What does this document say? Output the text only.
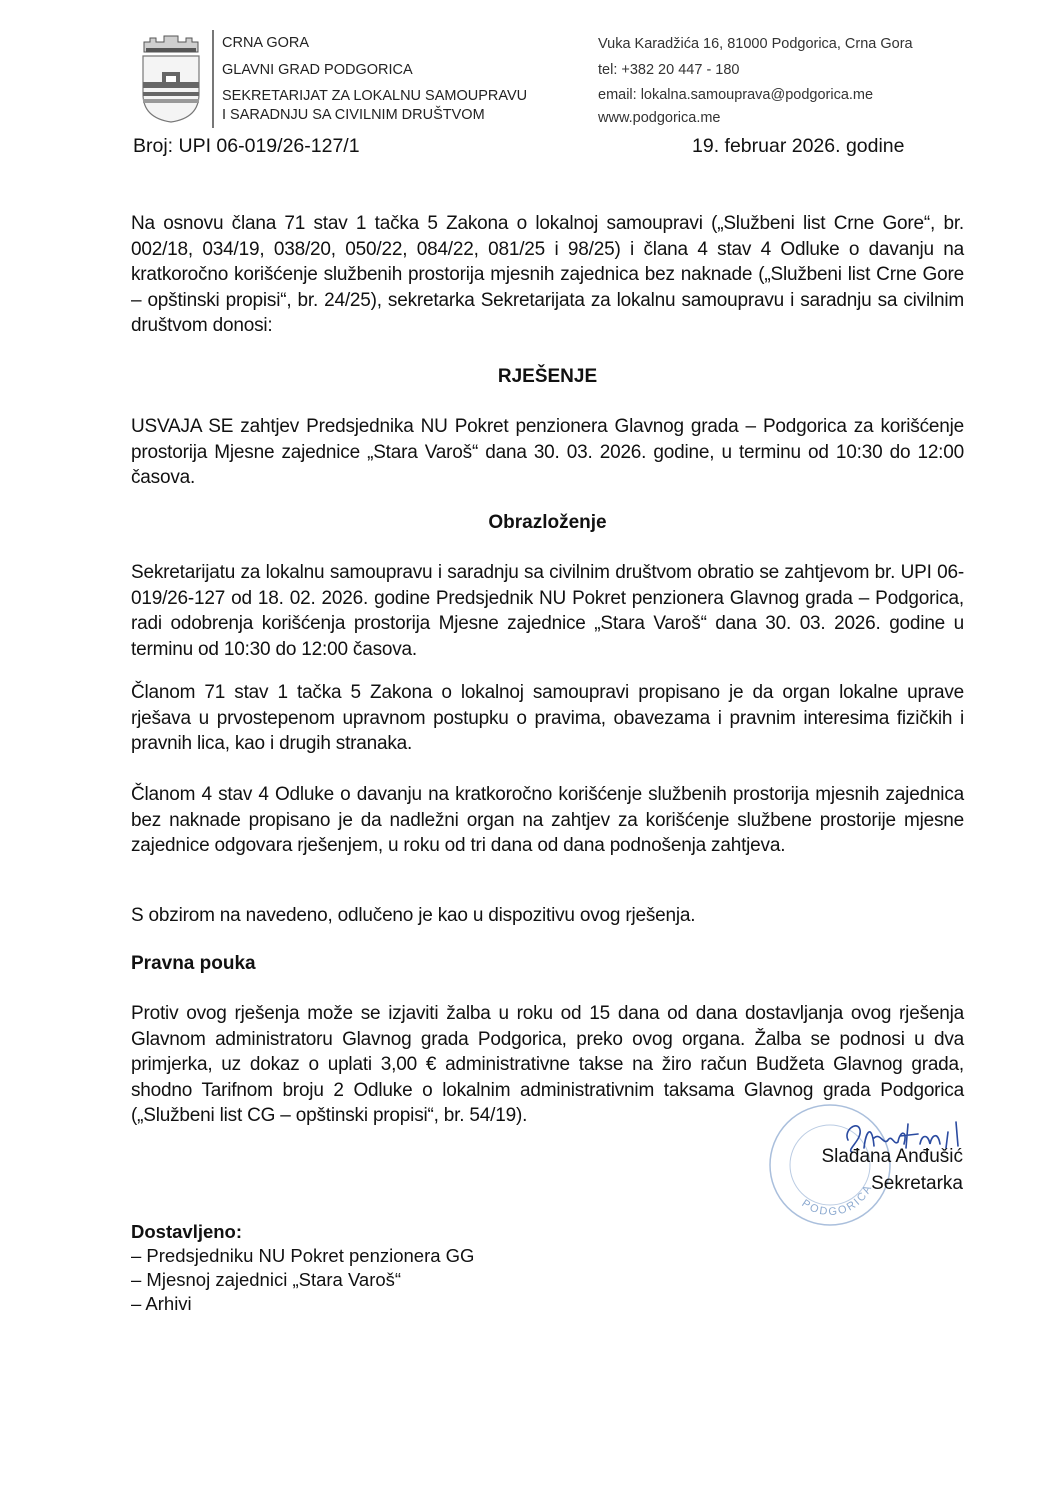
CRNA GORA
GLAVNI GRAD PODGORICA
SEKRETARIJAT ZA LOKALNU SAMOUPRAVU
I SARADNJU SA CIVILNIM DRUŠTVOM
Vuka Karadžića 16, 81000 Podgorica, Crna Gora
tel: +382 20 447 - 180
email: lokalna.samouprava@podgorica.me
www.podgorica.me
Broj: UPI 06-019/26-127/1	19. februar 2026. godine
Na osnovu člana 71 stav 1 tačka 5 Zakona o lokalnoj samoupravi („Službeni list Crne Gore“, br. 002/18, 034/19, 038/20, 050/22, 084/22, 081/25 i 98/25) i člana 4 stav 4 Odluke o davanju na kratkoročno korišćenje službenih prostorija mjesnih zajednica bez naknade („Službeni list Crne Gore – opštinski propisi“, br. 24/25), sekretarka Sekretarijata za lokalnu samoupravu i saradnju sa civilnim društvom donosi:
RJEŠENJE
USVAJA SE zahtjev Predsjednika NU Pokret penzionera Glavnog grada – Podgorica za korišćenje prostorija Mjesne zajednice „Stara Varoš“ dana 30. 03. 2026. godine, u terminu od 10:30 do 12:00 časova.
Obrazloženje
Sekretarijatu za lokalnu samoupravu i saradnju sa civilnim društvom obratio se zahtjevom br. UPI 06-019/26-127 od 18. 02. 2026. godine Predsjednik NU Pokret penzionera Glavnog grada – Podgorica, radi odobrenja korišćenja prostorija Mjesne zajednice „Stara Varoš“ dana 30. 03. 2026. godine u terminu od 10:30 do 12:00 časova.
Članom 71 stav 1 tačka 5 Zakona o lokalnoj samoupravi propisano je da organ lokalne uprave rješava u prvostepenom upravnom postupku o pravima, obavezama i pravnim interesima fizičkih i pravnih lica, kao i drugih stranaka.
Članom 4 stav 4 Odluke o davanju na kratkoročno korišćenje službenih prostorija mjesnih zajednica bez naknade propisano je da nadležni organ na zahtjev za korišćenje službene prostorije mjesne zajednice odgovara rješenjem, u roku od tri dana od dana podnošenja zahtjeva.
S obzirom na navedeno, odlučeno je kao u dispozitivu ovog rješenja.
Pravna pouka
Protiv ovog rješenja može se izjaviti žalba u roku od 15 dana od dana dostavljanja ovog rješenja Glavnom administratoru Glavnog grada Podgorica, preko ovog organa. Žalba se podnosi u dva primjerka, uz dokaz o uplati 3,00 € administrativne takse na žiro račun Budžeta Glavnog grada, shodno Tarifnom broju 2 Odluke o lokalnim administrativnim taksama Glavnog grada Podgorica („Službeni list CG – opštinski propisi“, br. 54/19).
PODGORICA
Slađana Anđušić
Sekretarka
Dostavljeno:
– Predsjedniku NU Pokret penzionera GG
– Mjesnoj zajednici „Stara Varoš“
– Arhivi
